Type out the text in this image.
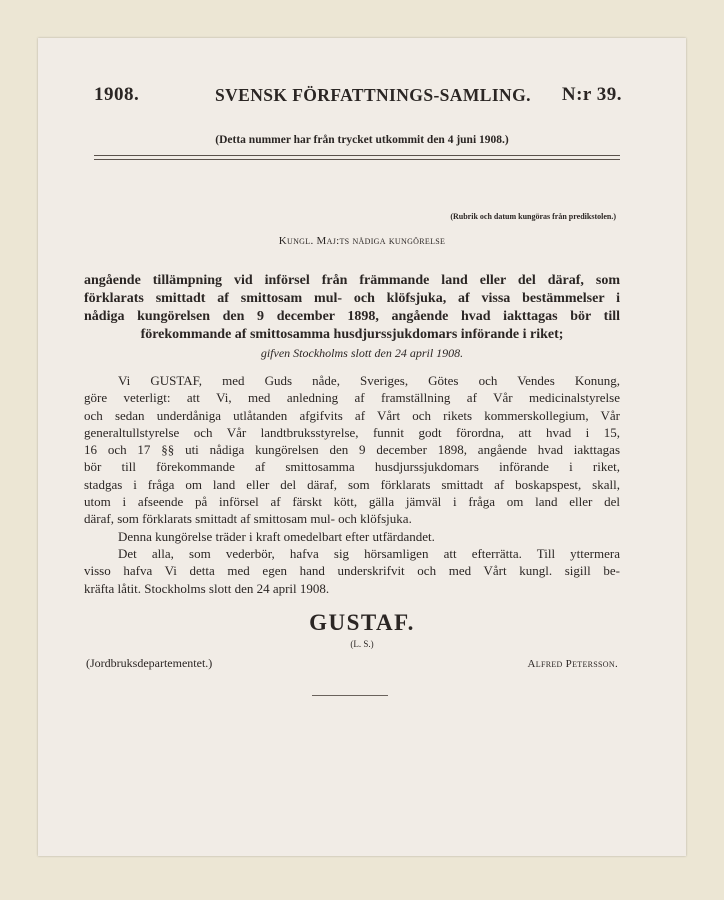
1908.	SVENSK FÖRFATTNINGS-SAMLING. N:r 39.
(Detta nummer har från trycket utkommit den 4 juni 1908.)
(Rubrik och datum kungöras från predikstolen.)
Kungl. Maj:ts nådiga kungörelse
angående tillämpning vid införsel från främmande land eller del däraf, som
förklarats smittadt af smittosam mul- och klöfsjuka, af vissa bestämmelser i
nådiga kungörelsen den 9 december 1898, angående hvad iakttagas bör till
förekommande af smittosamma husdjurssjukdomars införande i riket;
gifven Stockholms slott den 24 april 1908.
Vi GUSTAF, med Guds nåde, Sveriges, Götes och Vendes Konung,
göre veterligt: att Vi, med anledning af framställning af Vår medicinalstyrelse
och sedan underdåniga utlåtanden afgifvits af Vårt och rikets kommerskollegium, Vår
generaltullstyrelse och Vår landtbruksstyrelse, funnit godt förordna, att hvad i 15,
16 och 17 §§ uti nådiga kungörelsen den 9 december 1898, angående hvad iakttagas
bör till förekommande af smittosamma husdjurssjukdomars införande i riket,
stadgas i fråga om land eller del däraf, som förklarats smittadt af boskapspest, skall,
utom i afseende på införsel af färskt kött, gälla jämväl i fråga om land eller del
däraf, som förklarats smittadt af smittosam mul- och klöfsjuka.
Denna kungörelse träder i kraft omedelbart efter utfärdandet.
Det alla, som vederbör, hafva sig hörsamligen att efterrätta. Till yttermera
visso hafva Vi detta med egen hand underskrifvit och med Vårt kungl. sigill be-
kräfta låtit. Stockholms slott den 24 april 1908.
GUSTAF.
(L. S.)
(Jordbruksdepartementet.)	Alfred Petersson.
